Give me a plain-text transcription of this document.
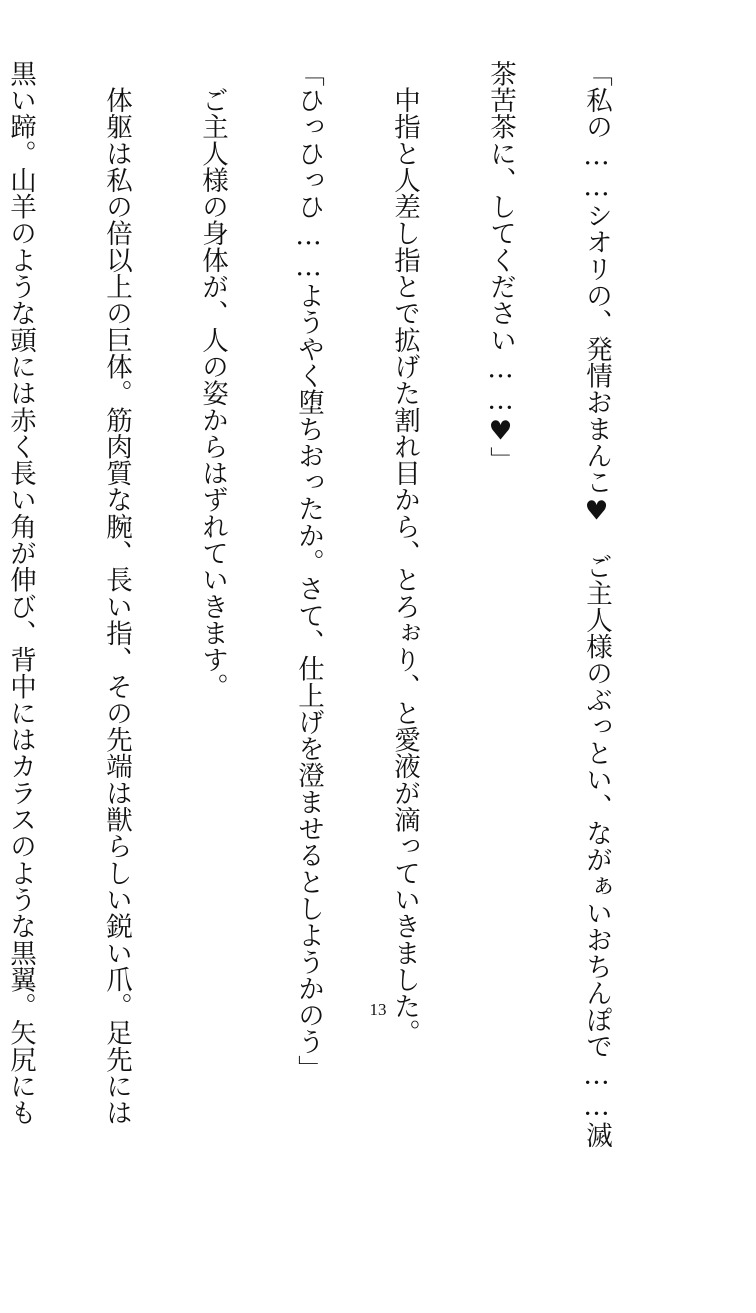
「私の……シオリの、発情おまんこ♥　ご主人様のぶっとい、ながぁいおちんぽで……滅

茶苦茶に、してください……♥」

　中指と人差し指とで拡げた割れ目から、とろぉり、と愛液が滴っていきました。

「ひっひっひ……ようやく堕ちおったか。さて、仕上げを澄ませるとしようかのう」

　ご主人様の身体が、人の姿からはずれていきます。

　体躯は私の倍以上の巨体。筋肉質な腕、長い指、その先端は獣らしい鋭い爪。足先には

黒い蹄。山羊のような頭には赤く長い角が伸び、背中にはカラスのような黒翼。矢尻にも

	13
